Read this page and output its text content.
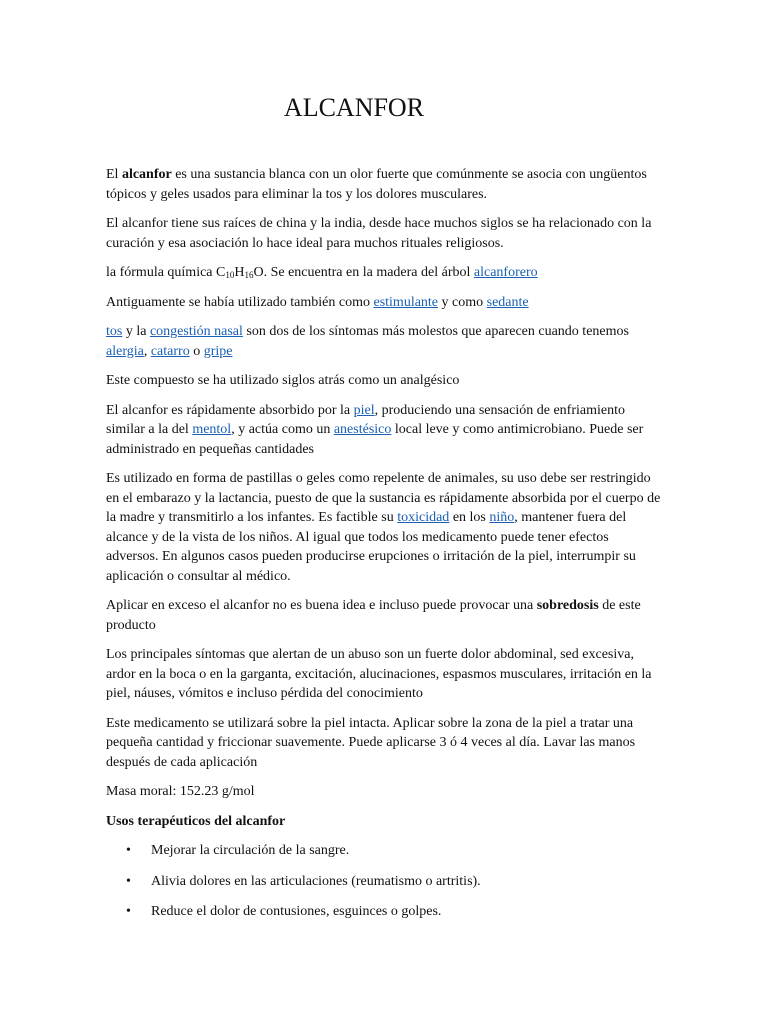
ALCANFOR

El alcanfor es una sustancia blanca con un olor fuerte que comúnmente se asocia con ungüentos tópicos y geles usados para eliminar la tos y los dolores musculares.

El alcanfor tiene sus raíces de china y la india, desde hace muchos siglos se ha relacionado con la curación y esa asociación lo hace ideal para muchos rituales religiosos.

la fórmula química $C_{10}H_{16}O$. Se encuentra en la madera del árbol alcanforero

Antiguamente se había utilizado también como estimulante y como sedante

tos y la congestión nasal son dos de los síntomas más molestos que aparecen cuando tenemos alergia, catarro o gripe

Este compuesto se ha utilizado siglos atrás como un analgésico

El alcanfor es rápidamente absorbido por la piel, produciendo una sensación de enfriamiento similar a la del mentol, y actúa como un anestésico local leve y como antimicrobiano. Puede ser administrado en pequeñas cantidades

Es utilizado en forma de pastillas o geles como repelente de animales, su uso debe ser restringido en el embarazo y la lactancia, puesto de que la sustancia es rápidamente absorbida por el cuerpo de la madre y transmitirlo a los infantes. Es factible su toxicidad en los niño, mantener fuera del alcance y de la vista de los niños. Al igual que todos los medicamento puede tener efectos adversos. En algunos casos pueden producirse erupciones o irritación de la piel, interrumpir su aplicación o consultar al médico.

Aplicar en exceso el alcanfor no es buena idea e incluso puede provocar una sobredosis de este producto

Los principales síntomas que alertan de un abuso son un fuerte dolor abdominal, sed excesiva, ardor en la boca o en la garganta, excitación, alucinaciones, espasmos musculares, irritación en la piel, náuses, vómitos e incluso pérdida del conocimiento

Este medicamento se utilizará sobre la piel intacta. Aplicar sobre la zona de la piel a tratar una pequeña cantidad y friccionar suavemente. Puede aplicarse 3 ó 4 veces al día. Lavar las manos después de cada aplicación

Masa moral: 152.23 g/mol

Usos terapéuticos del alcanfor

• Mejorar la circulación de la sangre.
• Alivia dolores en las articulaciones (reumatismo o artritis).
• Reduce el dolor de contusiones, esguinces o golpes.
